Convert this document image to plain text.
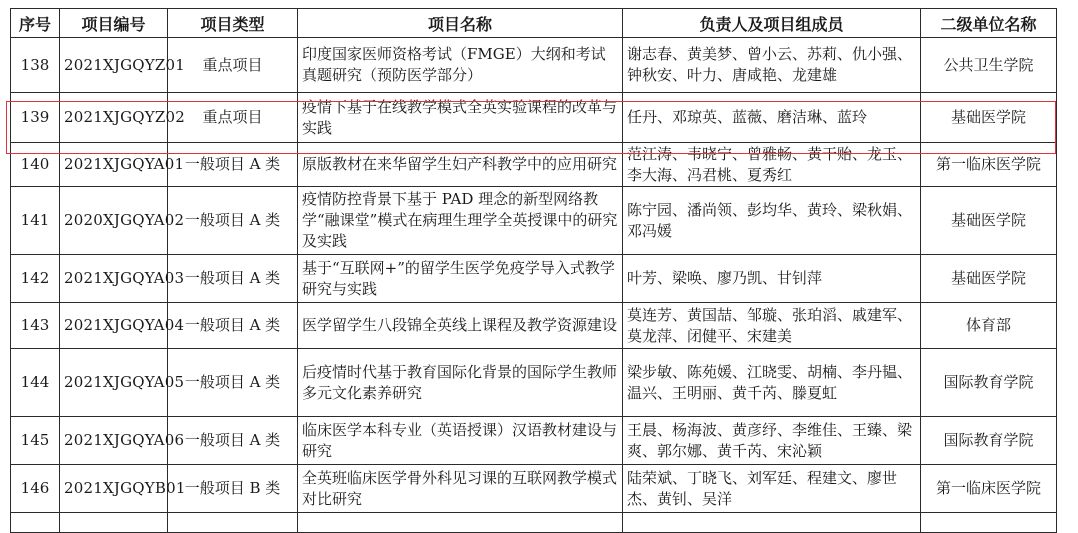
序号	项目编号	项目类型	项目名称	负责人及项目组成员	二级单位名称
138	2021XJGQYZ01	重点项目	印度国家医师资格考试（FMGE）大纲和考试真题研究（预防医学部分）	谢志春、黄美梦、曾小云、苏莉、仇小强、钟秋安、叶力、唐咸艳、龙建雄	公共卫生学院
139	2021XJGQYZ02	重点项目	疫情下基于在线教学模式全英实验课程的改革与实践	任丹、邓琼英、蓝薇、磨洁琳、蓝玲	基础医学院
140	2021XJGQYA01	一般项目 A 类	原版教材在来华留学生妇产科教学中的应用研究	范江涛、韦晓宁、曾雅畅、黄干贻、龙玉、李大海、冯君桃、夏秀红	第一临床医学院
141	2020XJGQYA02	一般项目 A 类	疫情防控背景下基于 PAD 理念的新型网络教学“融课堂”模式在病理生理学全英授课中的研究及实践	陈宁园、潘尚领、彭均华、黄玲、梁秋娟、邓冯媛	基础医学院
142	2021XJGQYA03	一般项目 A 类	基于“互联网+”的留学生医学免疫学导入式教学研究与实践	叶芳、梁唤、廖乃凯、甘钊萍	基础医学院
143	2021XJGQYA04	一般项目 A 类	医学留学生八段锦全英线上课程及教学资源建设	莫连芳、黄国喆、邹璇、张珀滔、戚建军、莫龙萍、闭健平、宋建美	体育部
144	2021XJGQYA05	一般项目 A 类	后疫情时代基于教育国际化背景的国际学生教师多元文化素养研究	梁步敏、陈苑媛、江晓雯、胡楠、李丹韫、温兴、王明丽、黄千芮、滕夏虹	国际教育学院
145	2021XJGQYA06	一般项目 A 类	临床医学本科专业（英语授课）汉语教材建设与研究	王晨、杨海波、黄彦纾、李维佳、王臻、梁爽、郭尔娜、黄千芮、宋沁颖	国际教育学院
146	2021XJGQYB01	一般项目 B 类	全英班临床医学骨外科见习课的互联网教学模式对比研究	陆荣斌、丁晓飞、刘军廷、程建文、廖世杰、黄钊、吴洋	第一临床医学院
